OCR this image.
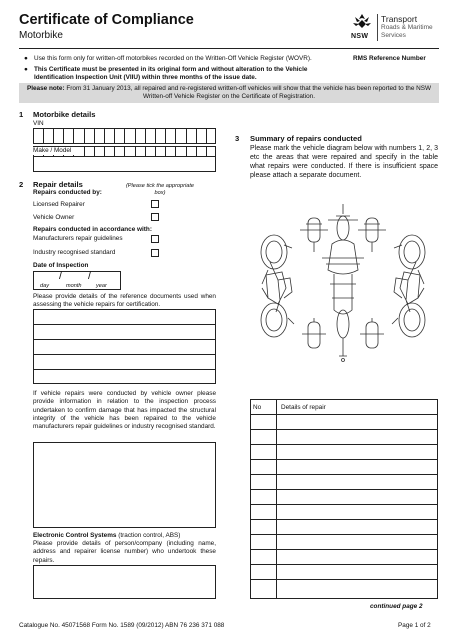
Certificate of Compliance
Motorbike	NSW
Transport
Roads & Maritime
Services
● Use this form only for written-off motorbikes recorded on the Written-Off Vehicle Register (WOVR).
● This Certificate must be presented in its original form and without alteration to the Vehicle Identification Inspection Unit (VIIU) within three months of the issue date.
RMS Reference Number
Please note: From 31 January 2013, all repaired and re-registered written-off vehicles will show that the vehicle has been reported to the NSW Written-off Vehicle Register on the Certificate of Registration.
1 Motorbike details
VIN
Make / Model
2 Repair details
Repairs conducted by:
(Please tick the appropriate box)
Licensed Repairer
Vehicle Owner
Repairs conducted in accordance with:
Manufacturers repair guidelines
Industry recognised standard
Date of Inspection
/ /
day	month	year
Please provide details of the reference documents used when assessing the vehicle repairs for certification.
If vehicle repairs were conducted by vehicle owner please provide information in relation to the inspection process undertaken to confirm damage that has impacted the structural integrity of the vehicle has been repaired to the vehicle manufacturers repair guidelines or industry recognised standard.
Electronic Control Systems (traction control, ABS)
Please provide details of person/company (including name, address and repairer license number) who undertook these repairs.
3 Summary of repairs conducted
Please mark the vehicle diagram below with numbers 1, 2, 3 etc the areas that were repaired and specify in the table what repairs were conducted. If there is insufficient space please attach a separate document.
No	Details of repair
continued page 2
Catalogue No. 45071568 Form No. 1589 (09/2012) ABN 76 236 371 088	Page 1 of 2
